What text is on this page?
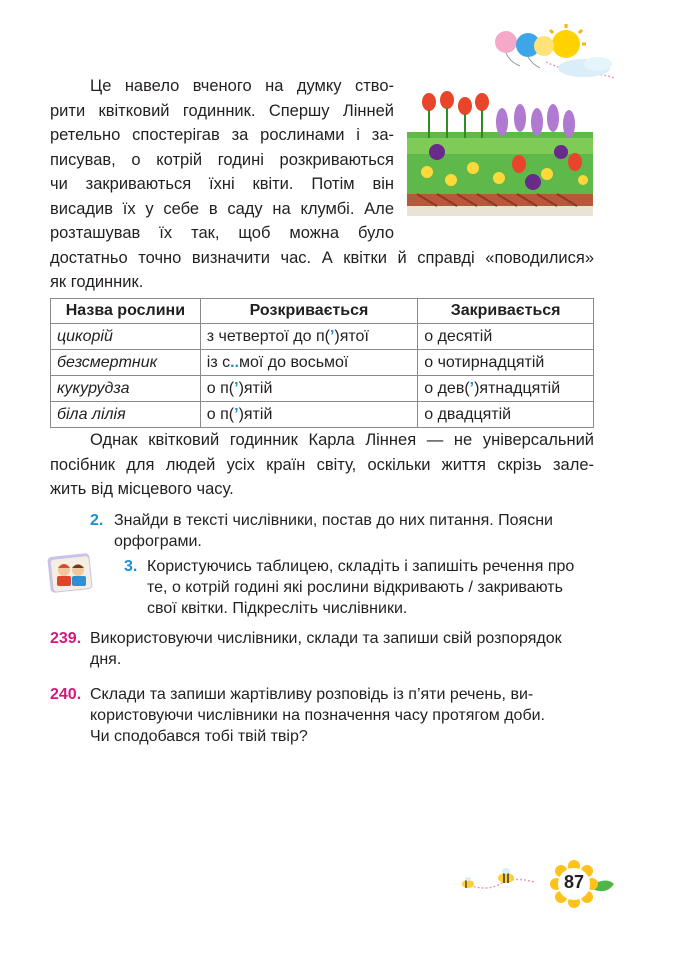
Це навело вченого на думку ство-
рити квітковий годинник. Спершу Лінней
ретельно спостерігав за рослинами і за-
писував, о котрій годині розкриваються
чи закриваються їхні квіти. Потім він
висадив їх у себе в саду на клумбі. Але
розташував їх так, щоб можна було
достатньо точно визначити час. А квітки й справді «поводилися»
як годинник.
Назва рослини	Розкривається	Закривається
цикорій	з четвертої до п(’)ятої	о десятій
безсмертник	із с..мої до восьмої	о чотирнадцятій
кукурудза	о п(’)ятій	о дев(’)ятнадцятій
біла лілія	о п(’)ятій	о двадцятій
Однак квітковий годинник Карла Ліннея — не універсальний
посібник для людей усіх країн світу, оскільки життя скрізь зале-
жить від місцевого часу.
2. Знайди в тексті числівники, постав до них питання. Поясни
орфограми.
3. Користуючись таблицею, складіть і запишіть речення про
те, о котрій годині які рослини відкривають / закривають
свої квітки. Підкресліть числівники.
239. Використовуючи числівники, склади та запиши свій розпорядок
дня.
240. Склади та запиши жартівливу розповідь із п’яти речень, ви-
користовуючи числівники на позначення часу протягом доби.
Чи сподобався тобі твій твір?
87
